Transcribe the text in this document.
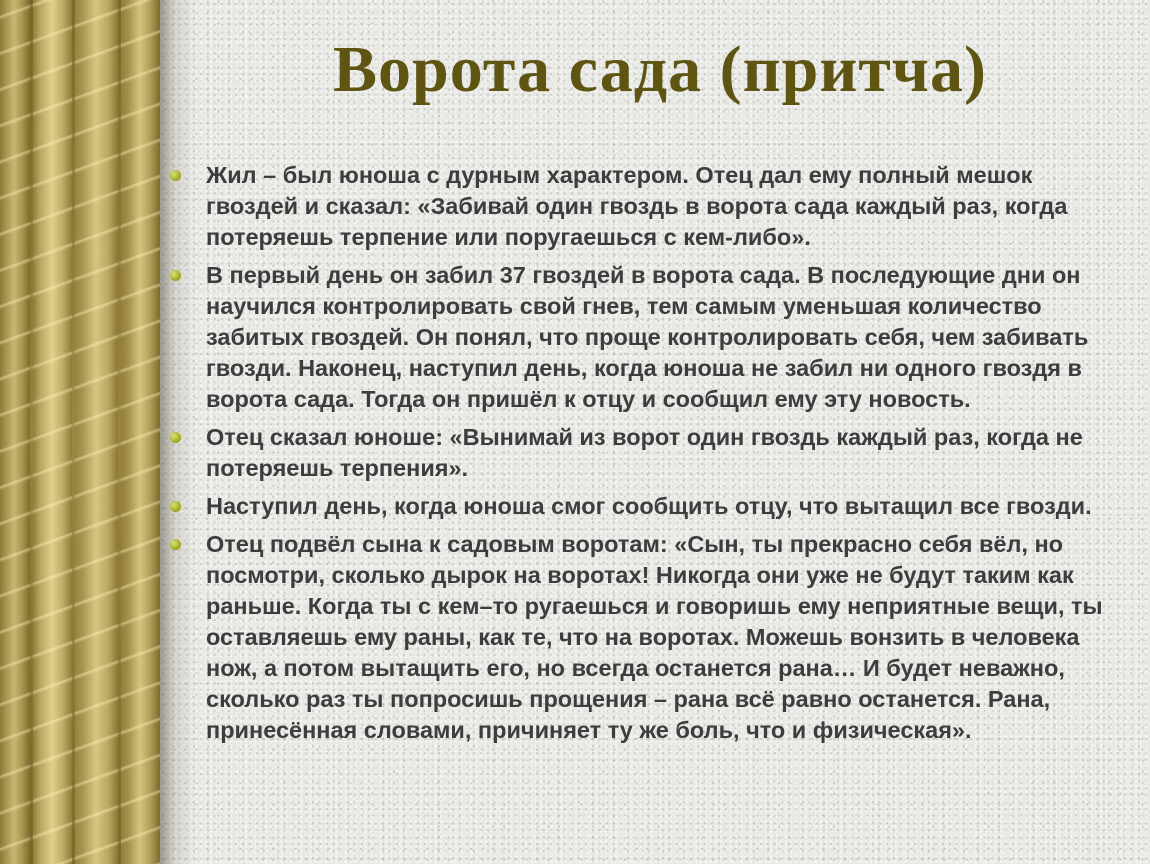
Ворота сада (притча)
Жил – был юноша с дурным характером. Отец дал ему полный мешок гвоздей и сказал: «Забивай один гвоздь в ворота сада каждый раз, когда потеряешь терпение или поругаешься с кем-либо».
В первый день он забил 37 гвоздей в ворота сада. В последующие дни он научился контролировать свой гнев, тем самым уменьшая количество забитых гвоздей. Он понял, что проще контролировать себя, чем забивать гвозди. Наконец, наступил день, когда юноша не забил ни одного гвоздя в ворота сада. Тогда он пришёл к отцу и сообщил ему эту новость.
Отец сказал юноше: «Вынимай из ворот один гвоздь каждый раз, когда не потеряешь терпения».
Наступил день, когда юноша смог сообщить отцу, что вытащил все гвозди.
Отец подвёл сына к садовым воротам: «Сын, ты прекрасно себя вёл, но посмотри, сколько дырок на воротах! Никогда они уже не будут таким как раньше. Когда ты с кем–то ругаешься и говоришь ему неприятные вещи, ты оставляешь ему раны, как те, что на воротах. Можешь вонзить в человека нож, а потом вытащить его, но всегда останется рана… И будет неважно, сколько раз ты попросишь прощения – рана всё равно останется. Рана, принесённая словами, причиняет ту же боль, что и физическая».
